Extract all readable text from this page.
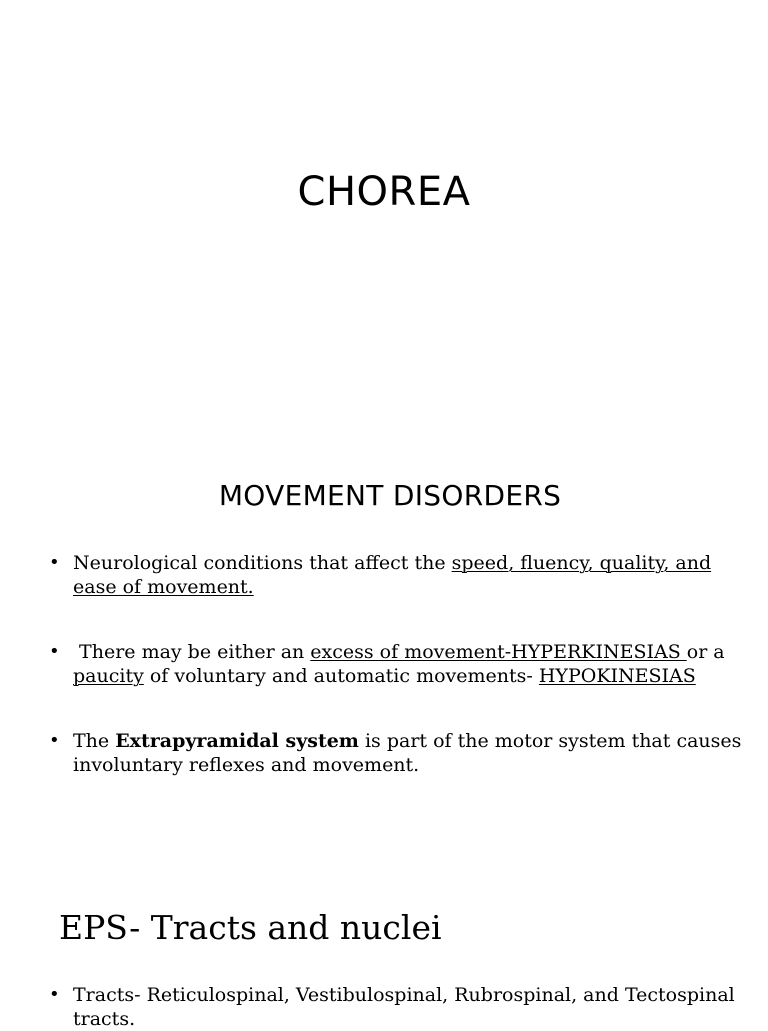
CHOREA
MOVEMENT DISORDERS
• Neurological conditions that affect the speed, fluency, quality, and ease of movement.
• There may be either an excess of movement-HYPERKINESIAS or a paucity of voluntary and automatic movements- HYPOKINESIAS
• The Extrapyramidal system is part of the motor system that causes involuntary reflexes and movement.
EPS- Tracts and nuclei
• Tracts- Reticulospinal, Vestibulospinal, Rubrospinal, and Tectospinal tracts.
